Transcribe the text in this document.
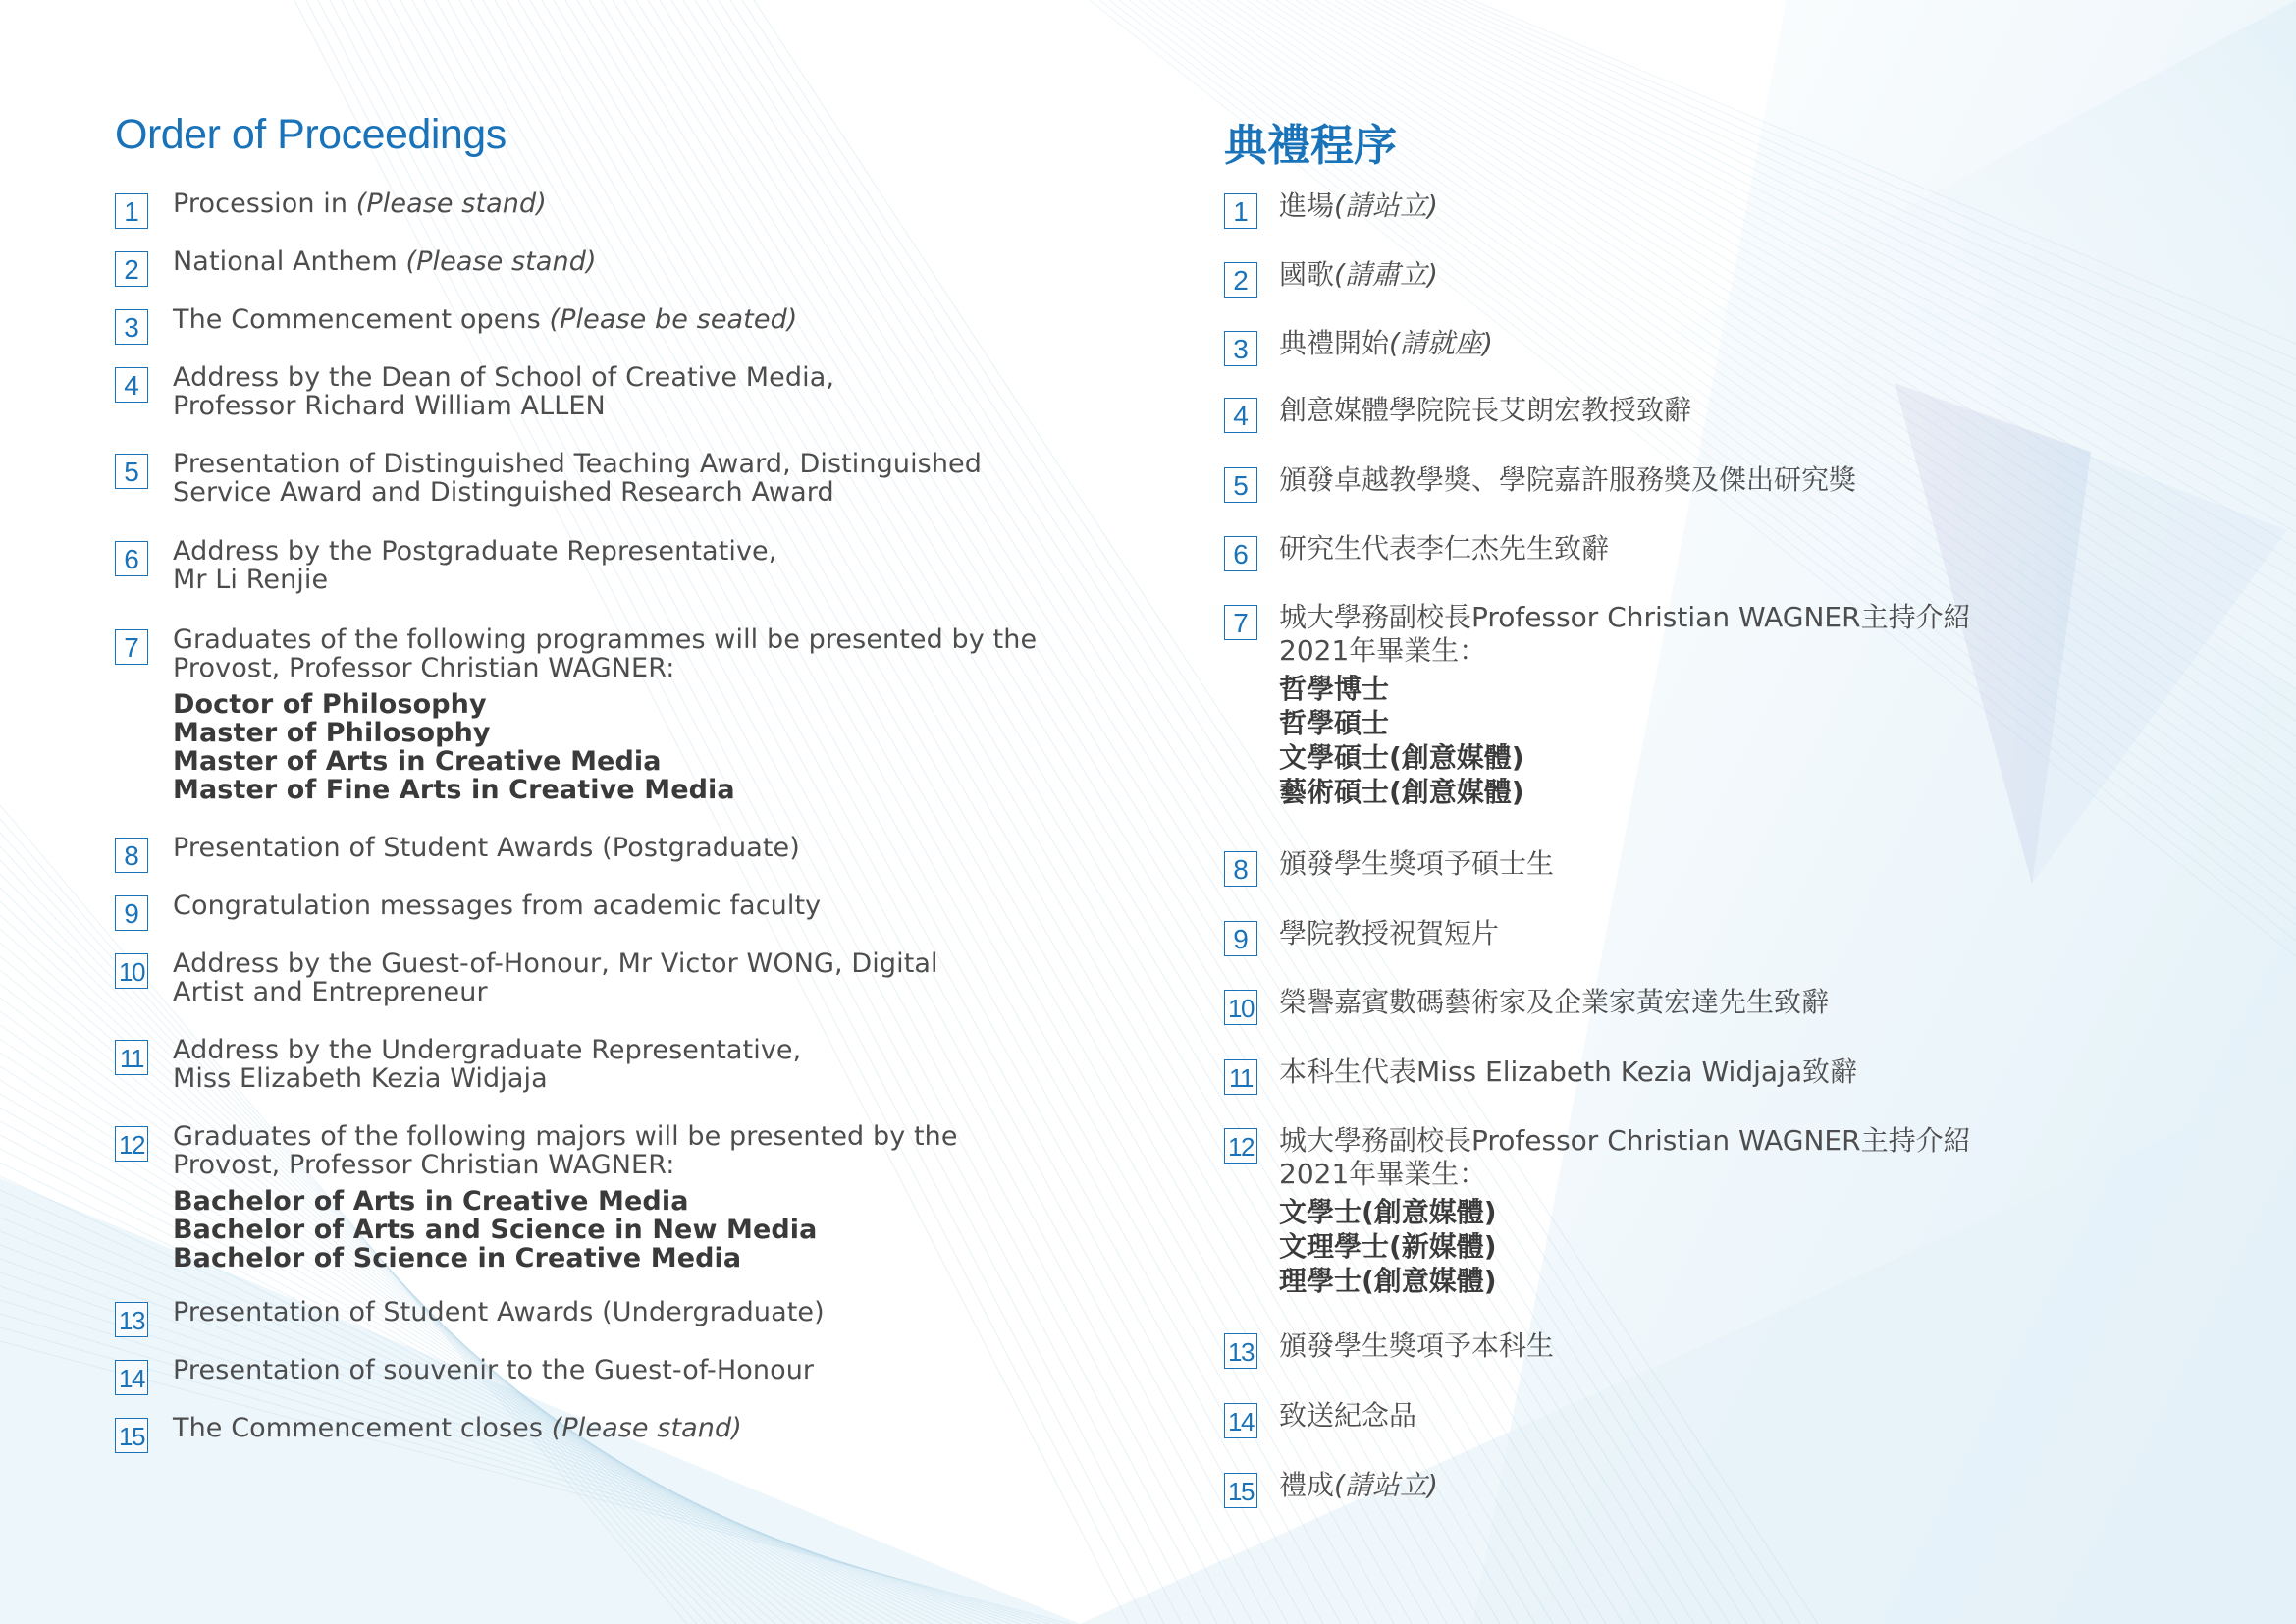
Order of Proceedings
1	Procession in (Please stand)
2	National Anthem (Please stand)
3	The Commencement opens (Please be seated)
4	Address by the Dean of School of Creative Media,
Professor Richard William ALLEN
5	Presentation of Distinguished Teaching Award, Distinguished
Service Award and Distinguished Research Award
6	Address by the Postgraduate Representative,
Mr Li Renjie
7	Graduates of the following programmes will be presented by the
Provost, Professor Christian WAGNER:
Doctor of Philosophy
Master of Philosophy
Master of Arts in Creative Media
Master of Fine Arts in Creative Media
8	Presentation of Student Awards (Postgraduate)
9	Congratulation messages from academic faculty
10 Address by the Guest-of-Honour, Mr Victor WONG, Digital
Artist and Entrepreneur
11 Address by the Undergraduate Representative,
Miss Elizabeth Kezia Widjaja
12 Graduates of the following majors will be presented by the
Provost, Professor Christian WAGNER:
Bachelor of Arts in Creative Media
Bachelor of Arts and Science in New Media
Bachelor of Science in Creative Media
13 Presentation of Student Awards (Undergraduate)
14 Presentation of souvenir to the Guest-of-Honour
15 The Commencement closes (Please stand)
典禮程序
1	進場(請站立)
2	國歌(請肅立)
3	典禮開始(請就座)
4	創意媒體學院院長艾朗宏教授致辭
5	頒發卓越教學獎、學院嘉許服務獎及傑出研究獎
6	研究生代表李仁杰先生致辭
7	城大學務副校長Professor Christian WAGNER主持介紹
2021年畢業生：
哲學博士
哲學碩士
文學碩士(創意媒體)
藝術碩士(創意媒體)
8	頒發學生獎項予碩士生
9	學院教授祝賀短片
10 榮譽嘉賓數碼藝術家及企業家黃宏達先生致辭
11 本科生代表Miss Elizabeth Kezia Widjaja致辭
12 城大學務副校長Professor Christian WAGNER主持介紹
2021年畢業生：
文學士(創意媒體)
文理學士(新媒體)
理學士(創意媒體)
13 頒發學生獎項予本科生
14 致送紀念品
15 禮成(請站立)
